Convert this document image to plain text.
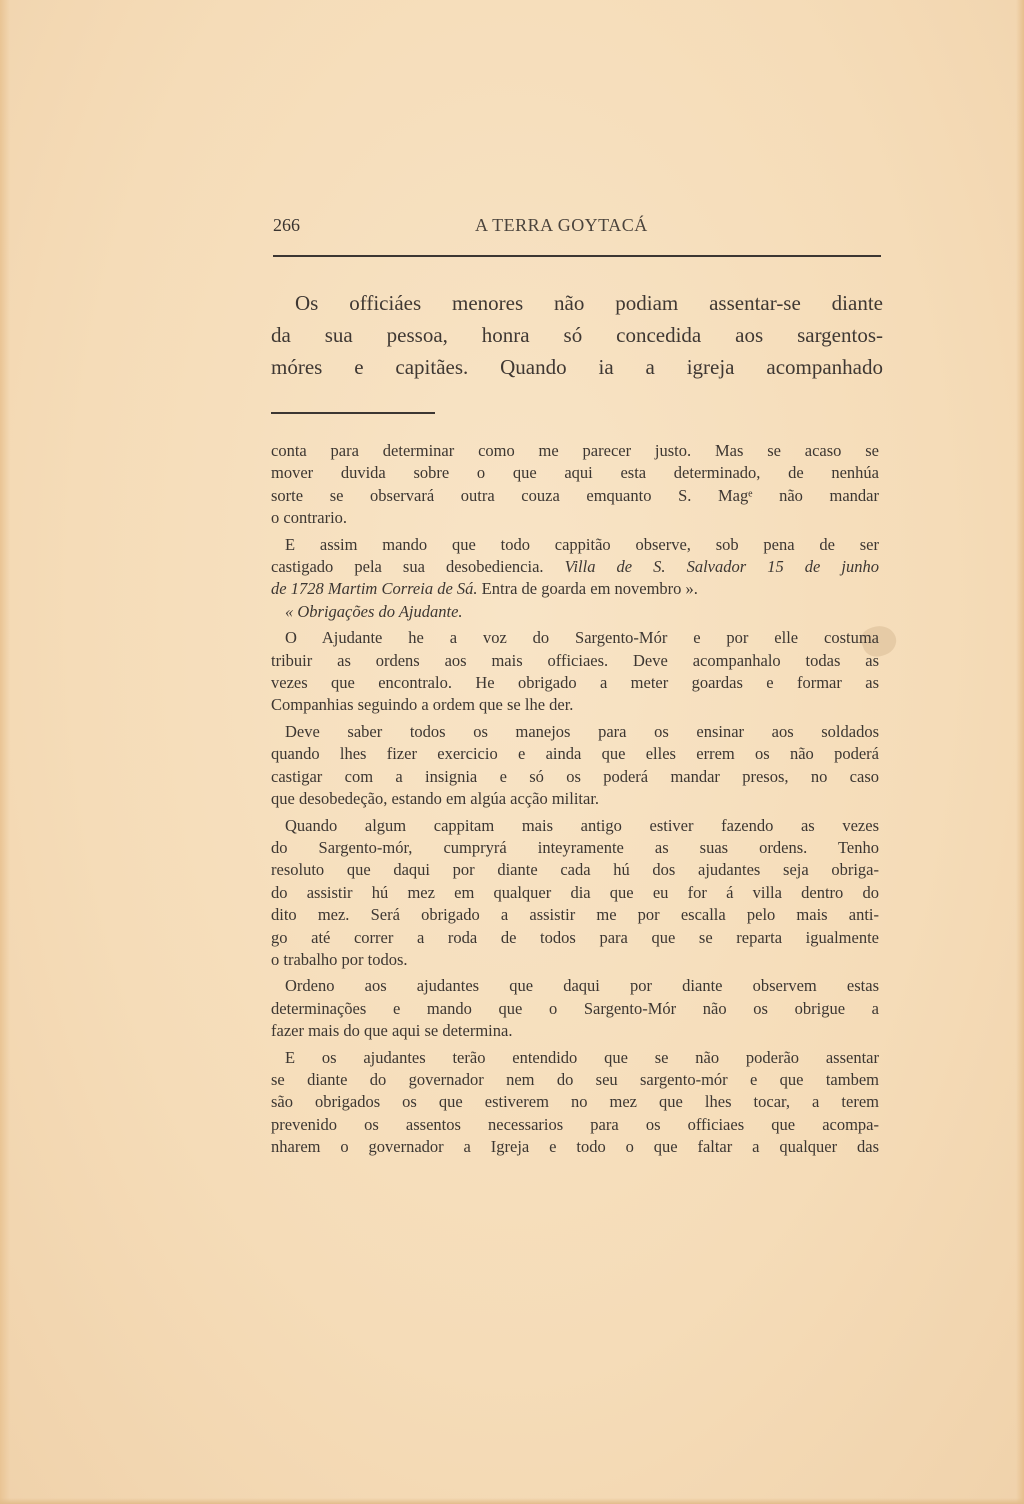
266	A TERRA GOYTACÁ
Os officiáes menores não podiam assentar-se diante
da sua pessoa, honra só concedida aos sargentos-
móres e capitães. Quando ia a igreja acompanhado
conta para determinar como me parecer justo. Mas se acaso se
mover duvida sobre o que aqui esta determinado, de nenhúa
sorte se observará outra couza emquanto S. Magᵉ não mandar
o contrario.
E assim mando que todo cappitão observe, sob pena de ser
castigado pela sua desobediencia. Villa de S. Salvador 15 de junho
de 1728 Martim Correia de Sá. Entra de goarda em novembro ».
« Obrigações do Ajudante.
O Ajudante he a voz do Sargento-Mór e por elle costuma
tribuir as ordens aos mais officiaes. Deve acompanhalo todas as
vezes que encontralo. He obrigado a meter goardas e formar as
Companhias seguindo a ordem que se lhe der.
Deve saber todos os manejos para os ensinar aos soldados
quando lhes fizer exercicio e ainda que elles errem os não poderá
castigar com a insignia e só os poderá mandar presos, no caso
que desobedeção, estando em algúa acção militar.
Quando algum cappitam mais antigo estiver fazendo as vezes
do Sargento-mór, cumpryrá inteyramente as suas ordens. Tenho
resoluto que daqui por diante cada hú dos ajudantes seja obriga-
do assistir hú mez em qualquer dia que eu for á villa dentro do
dito mez. Será obrigado a assistir me por escalla pelo mais anti-
go até correr a roda de todos para que se reparta igualmente
o trabalho por todos.
Ordeno aos ajudantes que daqui por diante observem estas
determinações e mando que o Sargento-Mór não os obrigue a
fazer mais do que aqui se determina.
E os ajudantes terão entendido que se não poderão assentar
se diante do governador nem do seu sargento-mór e que tambem
são obrigados os que estiverem no mez que lhes tocar, a terem
prevenido os assentos necessarios para os officiaes que acompa-
nharem o governador a Igreja e todo o que faltar a qualquer das
